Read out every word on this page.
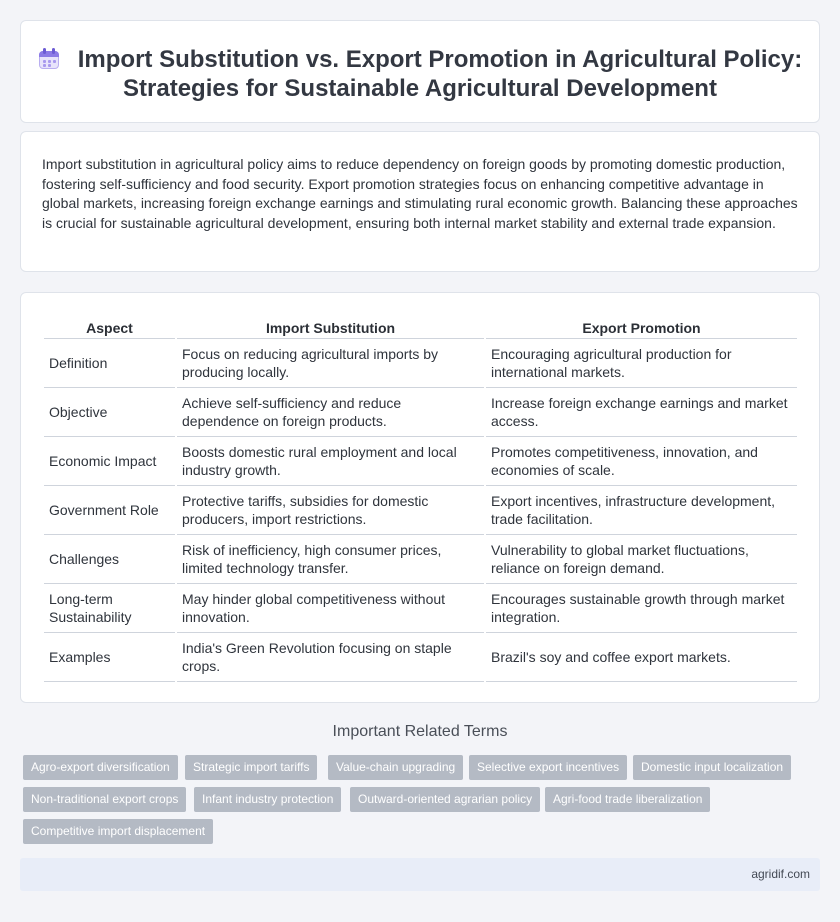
Import Substitution vs. Export Promotion in Agricultural Policy: Strategies for Sustainable Agricultural Development

Import substitution in agricultural policy aims to reduce dependency on foreign goods by promoting domestic production, fostering self-sufficiency and food security. Export promotion strategies focus on enhancing competitive advantage in global markets, increasing foreign exchange earnings and stimulating rural economic growth. Balancing these approaches is crucial for sustainable agricultural development, ensuring both internal market stability and external trade expansion.

Aspect	Import Substitution	Export Promotion
Definition	Focus on reducing agricultural imports by producing locally.	Encouraging agricultural production for international markets.
Objective	Achieve self-sufficiency and reduce dependence on foreign products.	Increase foreign exchange earnings and market access.
Economic Impact	Boosts domestic rural employment and local industry growth.	Promotes competitiveness, innovation, and economies of scale.
Government Role	Protective tariffs, subsidies for domestic producers, import restrictions.	Export incentives, infrastructure development, trade facilitation.
Challenges	Risk of inefficiency, high consumer prices, limited technology transfer.	Vulnerability to global market fluctuations, reliance on foreign demand.
Long-term Sustainability	May hinder global competitiveness without innovation.	Encourages sustainable growth through market integration.
Examples	India's Green Revolution focusing on staple crops.	Brazil's soy and coffee export markets.
Important Related Terms
Agro-export diversification	Strategic import tariffs	Value-chain upgrading	Selective export incentives	Domestic input localization
Non-traditional export crops	Infant industry protection	Outward-oriented agrarian policy	Agri-food trade liberalization
Competitive import displacement
agridif.com
